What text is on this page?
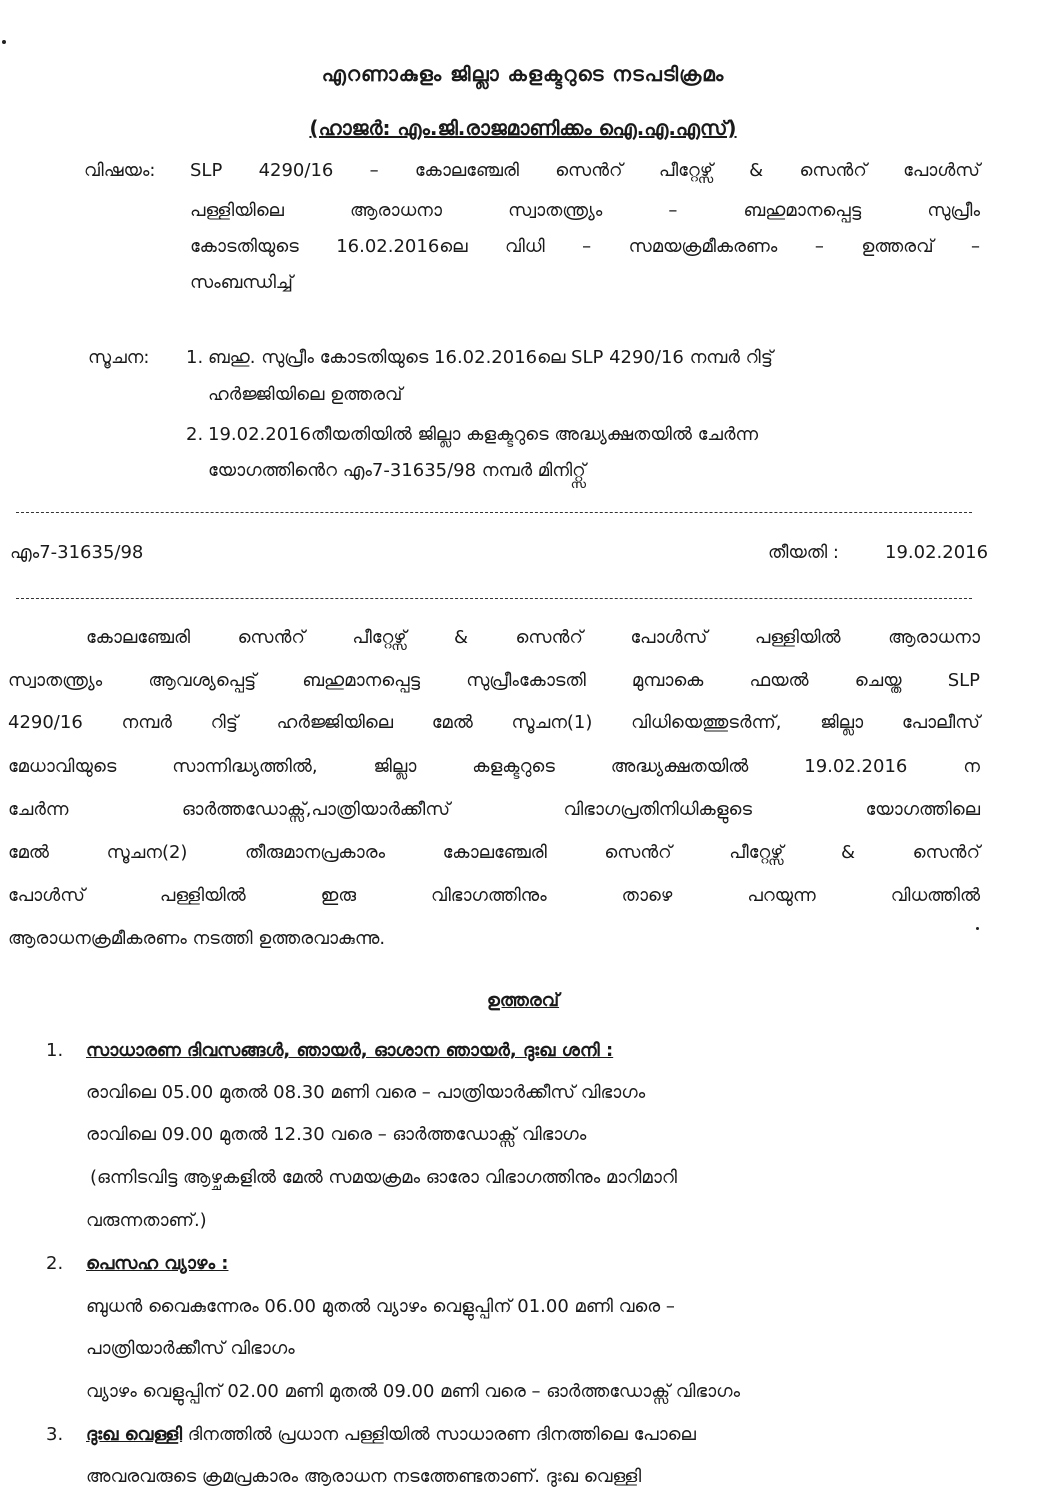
എറണാകുളം ജില്ലാ കളക്ടറുടെ നടപടിക്രമം
(ഹാജർ: എം.ജി.രാജമാണിക്കം ഐ.എ.എസ്)
വിഷയം: SLP 4290/16 – കോലഞ്ചേരി സെൻറ് പീറ്റേഴ്സ് & സെൻറ് പോൾസ്
പള്ളിയിലെ ആരാധനാ സ്വാതന്ത്ര്യം – ബഹുമാനപ്പെട്ട സുപ്രീം
കോടതിയുടെ 16.02.2016ലെ വിധി – സമയക്രമീകരണം – ഉത്തരവ് –
സംബന്ധിച്ച്
സൂചന: 1. ബഹു. സുപ്രീം കോടതിയുടെ 16.02.2016ലെ SLP 4290/16 നമ്പർ റിട്ട്
ഹർജ്ജിയിലെ ഉത്തരവ്
2. 19.02.2016തീയതിയിൽ ജില്ലാ കളക്ടറുടെ അദ്ധ്യക്ഷതയിൽ ചേർന്ന
യോഗത്തിൻെറ എം7-31635/98 നമ്പർ മിനിറ്റ്സ്
എം7-31635/98	തീയതി :	19.02.2016
കോലഞ്ചേരി സെൻറ് പീറ്റേഴ്സ് & സെൻറ് പോൾസ് പള്ളിയിൽ ആരാധനാ
സ്വാതന്ത്ര്യം ആവശ്യപ്പെട്ട് ബഹുമാനപ്പെട്ട സുപ്രീംകോടതി മുമ്പാകെ ഫയൽ ചെയ്ത SLP
4290/16 നമ്പർ റിട്ട് ഹർജ്ജിയിലെ മേൽ സൂചന(1) വിധിയെത്തുടർന്ന്, ജില്ലാ പോലീസ്
മേധാവിയുടെ സാന്നിദ്ധ്യത്തിൽ, ജില്ലാ കളക്ടറുടെ അദ്ധ്യക്ഷതയിൽ 19.02.2016 ന
ചേർന്ന ഓർത്തഡോക്സ്,പാത്രിയാർക്കീസ് വിഭാഗപ്രതിനിധികളുടെ യോഗത്തിലെ
മേൽ സൂചന(2) തീരുമാനപ്രകാരം കോലഞ്ചേരി സെൻറ് പീറ്റേഴ്സ് & സെൻറ്
പോൾസ് പള്ളിയിൽ ഇരു വിഭാഗത്തിനും താഴെ പറയുന്ന വിധത്തിൽ
ആരാധനക്രമീകരണം നടത്തി ഉത്തരവാകുന്നു.
ഉത്തരവ്
1. സാധാരണ ദിവസങ്ങൾ, ഞായർ, ഓശാന ഞായർ, ദുഃഖ ശനി :
രാവിലെ 05.00 മുതൽ 08.30 മണി വരെ – പാത്രിയാർക്കീസ് വിഭാഗം
രാവിലെ 09.00 മുതൽ 12.30 വരെ – ഓർത്തഡോക്സ് വിഭാഗം
(ഒന്നിടവിട്ട ആഴ്ചകളിൽ മേൽ സമയക്രമം ഓരോ വിഭാഗത്തിനും മാറിമാറി
വരുന്നതാണ്.)
2. പെസഹ വ്യാഴം :
ബുധൻ വൈകുന്നേരം 06.00 മുതൽ വ്യാഴം വെളുപ്പിന് 01.00 മണി വരെ –
പാത്രിയാർക്കീസ് വിഭാഗം
വ്യാഴം വെളുപ്പിന് 02.00 മണി മുതൽ 09.00 മണി വരെ – ഓർത്തഡോക്സ് വിഭാഗം
3. ദുഃഖ വെള്ളി ദിനത്തിൽ പ്രധാന പള്ളിയിൽ സാധാരണ ദിനത്തിലെ പോലെ
അവരവരുടെ ക്രമപ്രകാരം ആരാധന നടത്തേണ്ടതാണ്. ദുഃഖ വെള്ളി
